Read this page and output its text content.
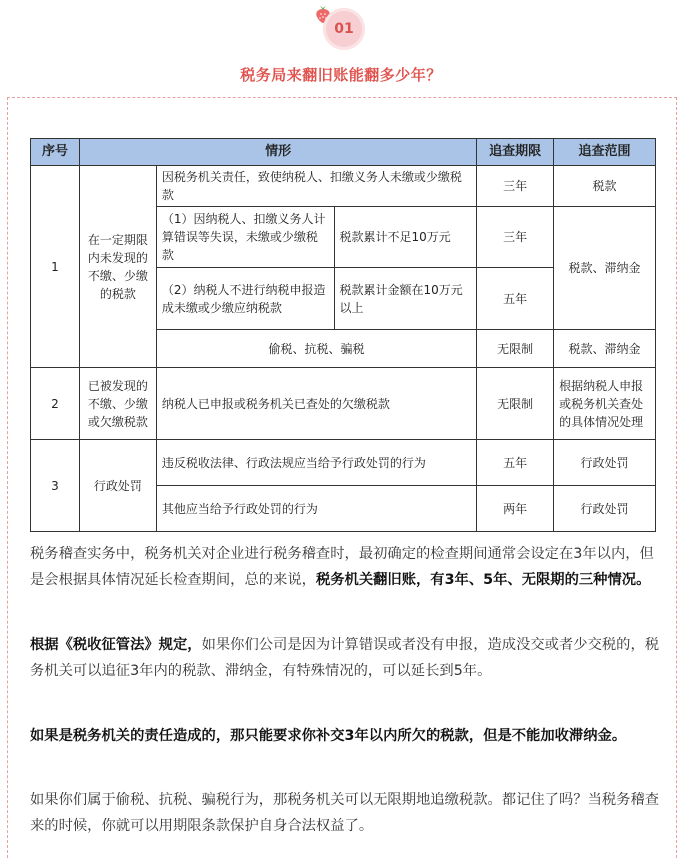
01
税务局来翻旧账能翻多少年？
序号	情形			追查期限	追查范围
1	在一定期限内未发现的不缴、少缴的税款	因税务机关责任，致使纳税人、扣缴义务人未缴或少缴税款		三年	税款
		（1）因纳税人、扣缴义务人计算错误等失误，未缴或少缴税款	税款累计不足10万元	三年	税款、滞纳金
		（2）纳税人不进行纳税申报造成未缴或少缴应纳税款	税款累计金额在10万元以上	五年	
		偷税、抗税、骗税		无限制	税款、滞纳金
2	已被发现的不缴、少缴或欠缴税款	纳税人已申报或税务机关已查处的欠缴税款		无限制	根据纳税人申报或税务机关查处的具体情况处理
3	行政处罚	违反税收法律、行政法规应当给予行政处罚的行为		五年	行政处罚
		其他应当给予行政处罚的行为		两年	行政处罚

税务稽查实务中，税务机关对企业进行税务稽查时，最初确定的检查期间通常会设定在3年以内，但是会根据具体情况延长检查期间，总的来说，税务机关翻旧账，有3年、5年、无限期的三种情况。

根据《税收征管法》规定，如果你们公司是因为计算错误或者没有申报，造成没交或者少交税的，税务机关可以追征3年内的税款、滞纳金，有特殊情况的，可以延长到5年。

如果是税务机关的责任造成的，那只能要求你补交3年以内所欠的税款，但是不能加收滞纳金。

如果你们属于偷税、抗税、骗税行为，那税务机关可以无限期地追缴税款。都记住了吗？当税务稽查来的时候，你就可以用期限条款保护自身合法权益了。
